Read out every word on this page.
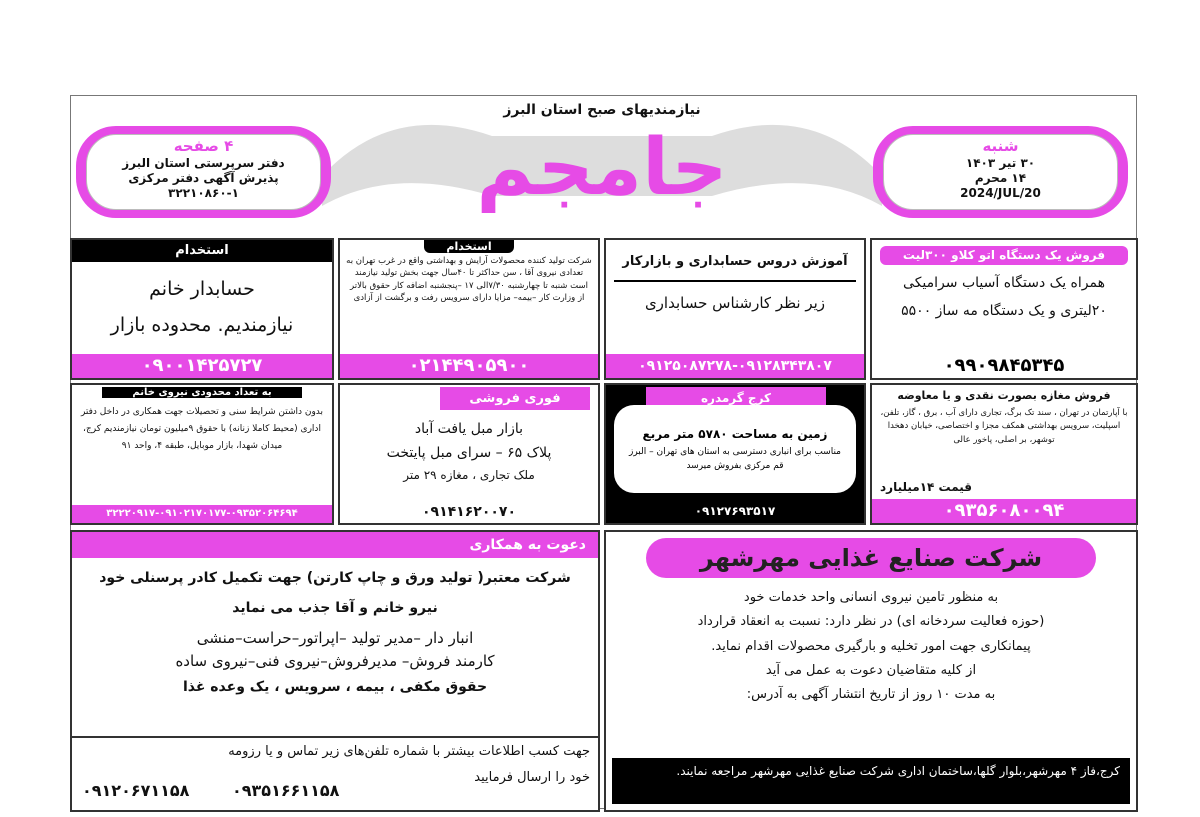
نیازمندیهای صبح استان البرز
جامجم
۴ صفحه
دفتر سرپرستی استان البرز
پذیرش آگهی دفتر مرکزی
۳۲۲۱۰۸۶۰-۱
شنبه
۳۰ تیر ۱۴۰۳
۱۴ محرم
2024/JUL/20
استخدام
حسابدار خانم
نیازمندیم. محدوده بازار
۰۹۰۰۱۴۲۵۷۲۷
استخدام
شرکت تولید کننده محصولات آرایش و بهداشتی واقع در غرب تهران به تعدادی نیروی آقا ، سن حداکثر تا ۴۰سال جهت بخش تولید نیازمند است شنبه تا چهارشنبه ۷/۳۰الی ۱۷ –پنجشنبه اضافه کار حقوق بالاتر از وزارت کار –بیمه– مزایا دارای سرویس رفت و برگشت از آزادی
۰۲۱۴۴۹۰۵۹۰۰
آموزش دروس حسابداری و بازارکار
زیر نظر کارشناس حسابداری
۰۹۱۲۵۰۸۷۲۷۸-۰۹۱۲۸۳۴۳۸۰۷
فروش یک دستگاه اتو کلاو ۳۰۰لیت
همراه یک دستگاه آسیاب سرامیکی
۲۰لیتری و یک دستگاه مه ساز ۵۵۰۰
۰۹۹۰۹۸۴۵۳۴۵
به تعداد محدودی نیروی خانم
بدون داشتن شرایط سنی و تحصیلات جهت همکاری در داخل دفتر اداری (محیط کاملا زنانه) با حقوق ۹میلیون تومان نیازمندیم کرج، میدان شهدا، بازار موبایل، طبقه ۴، واحد ۹۱
۳۲۲۲۰۹۱۷-۰۹۱۰۲۱۷۰۱۷۷-۰۹۳۵۲۰۶۴۶۹۴
فوری فروشی
بازار مبل یافت آباد
پلاک ۶۵ – سرای مبل پایتخت
ملک تجاری ، مغازه ۲۹ متر
۰۹۱۴۱۶۲۰۰۷۰
کرج گرمدره
زمین به مساحت ۵۷۸۰ متر مربع
مناسب برای انباری دسترسی به استان های تهران – البرز قم مرکزی بفروش میرسد
۰۹۱۲۷۶۹۳۵۱۷
فروش مغازه بصورت نقدی و یا معاوضه
با آپارتمان در تهران ، سند تک برگ، تجاری دارای آب ، برق ، گاز، تلفن، اسپلیت، سرویس بهداشتی همکف مجزا و اختصاصی، خیابان دهخدا توشهر، بر اصلی، پاخور عالی
قیمت ۱۴میلیارد
۰۹۳۵۶۰۸۰۰۹۴
دعوت به همکاری
شرکت معتبر( تولید ورق و چاپ کارتن) جهت تکمیل کادر پرسنلی خود
نیرو خانم و آقا جذب می نماید
انبار دار –مدیر تولید –اپراتور–حراست–منشی
کارمند فروش– مدیرفروش–نیروی فنی–نیروی ساده
حقوق مکفی ، بیمه ، سرویس ، یک وعده غذا
جهت کسب اطلاعات بیشتر با شماره تلفن‌های زیر تماس و یا رزومه
خود را ارسال فرمایید
۰۹۳۵۱۶۶۱۱۵۸
۰۹۱۲۰۶۷۱۱۵۸
شرکت صنایع غذایی مهرشهر
به منظور تامین نیروی انسانی واحد خدمات خود
(حوزه فعالیت سردخانه ای) در نظر دارد: نسبت به انعقاد قرارداد
پیمانکاری جهت امور تخلیه و بارگیری محصولات اقدام نماید.
از کلیه متقاضیان دعوت به عمل می آید
به مدت ۱۰ روز از تاریخ انتشار آگهی به آدرس:
کرج،فاز ۴ مهرشهر،بلوار گلها،ساختمان اداری شرکت صنایع غذایی مهرشهر مراجعه نمایند.
